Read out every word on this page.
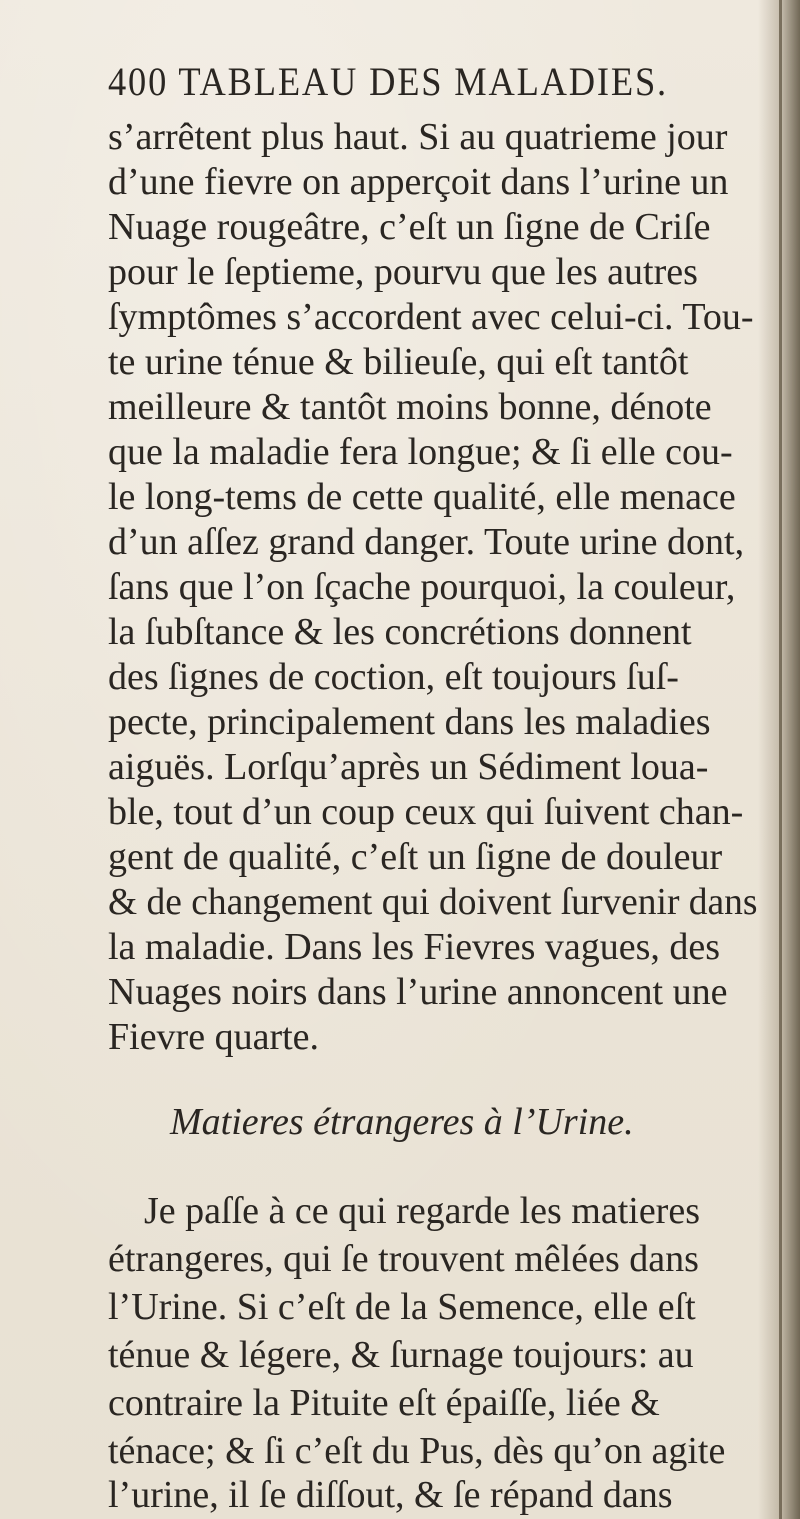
400 TABLEAU DES MALADIES.
s’arrêtent plus haut. Si au quatrieme jour
d’une fievre on apperçoit dans l’urine un
Nuage rougeâtre, c’eſt un ſigne de Criſe
pour le ſeptieme, pourvu que les autres
ſymptômes s’accordent avec celui-ci. Tou-
te urine ténue & bilieuſe, qui eſt tantôt
meilleure & tantôt moins bonne, dénote
que la maladie fera longue; & ſi elle cou-
le long-tems de cette qualité, elle menace
d’un aſſez grand danger. Toute urine dont,
ſans que l’on ſçache pourquoi, la couleur,
la ſubſtance & les concrétions donnent
des ſignes de coction, eſt toujours ſuſ-
pecte, principalement dans les maladies
aiguës. Lorſqu’après un Sédiment loua-
ble, tout d’un coup ceux qui ſuivent chan-
gent de qualité, c’eſt un ſigne de douleur
& de changement qui doivent ſurvenir dans
la maladie. Dans les Fievres vagues, des
Nuages noirs dans l’urine annoncent une
Fievre quarte.
Matieres étrangeres à l’Urine.
Je paſſe à ce qui regarde les matieres
étrangeres, qui ſe trouvent mêlées dans
l’Urine. Si c’eſt de la Semence, elle eſt
ténue & légere, & ſurnage toujours: au
contraire la Pituite eſt épaiſſe, liée &
ténace; & ſi c’eſt du Pus, dès qu’on agite
l’urine, il ſe diſſout, & ſe répand dans
